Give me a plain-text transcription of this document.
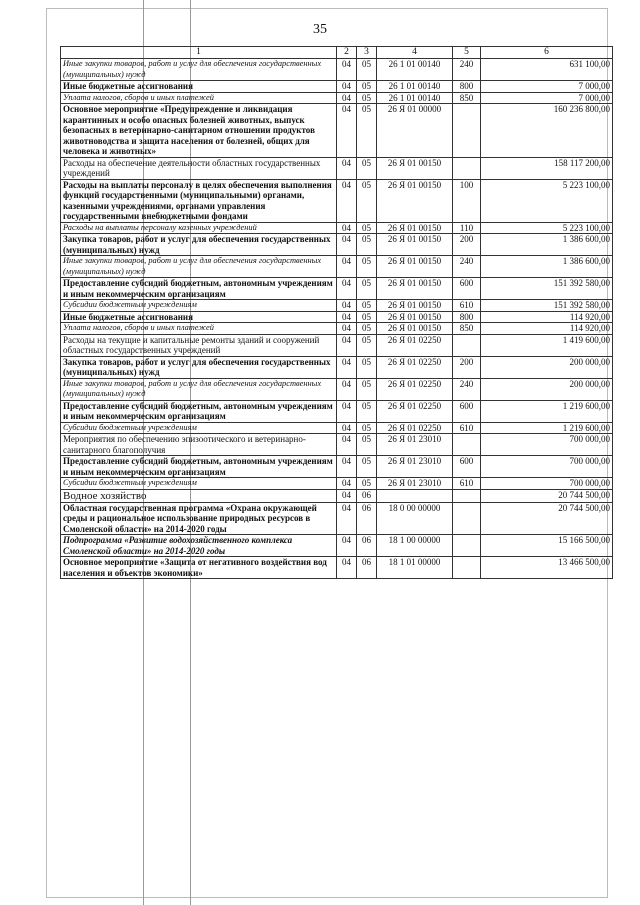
35
1	2	3	4	5	6
Иные закупки товаров, работ и услуг для обеспечения государственных (муниципальных) нужд	04	05	26 1 01 00140	240	631 100,00
Иные бюджетные ассигнования	04	05	26 1 01 00140	800	7 000,00
Уплата налогов, сборов и иных платежей	04	05	26 1 01 00140	850	7 000,00
Основное мероприятие «Предупреждение и ликвидация карантинных и особо опасных болезней животных, выпуск безопасных в ветеринарно-санитарном отношении продуктов животноводства и защита населения от болезней, общих для человека и животных»	04	05	26 Я 01 00000		160 236 800,00
Расходы на обеспечение деятельности областных государственных учреждений	04	05	26 Я 01 00150		158 117 200,00
Расходы на выплаты персоналу в целях обеспечения выполнения функций государственными (муниципальными) органами, казенными учреждениями, органами управления государственными внебюджетными фондами	04	05	26 Я 01 00150	100	5 223 100,00
Расходы на выплаты персоналу казенных учреждений	04	05	26 Я 01 00150	110	5 223 100,00
Закупка товаров, работ и услуг для обеспечения государственных (муниципальных) нужд	04	05	26 Я 01 00150	200	1 386 600,00
Иные закупки товаров, работ и услуг для обеспечения государственных (муниципальных) нужд	04	05	26 Я 01 00150	240	1 386 600,00
Предоставление субсидий бюджетным, автономным учреждениям и иным некоммерческим организациям	04	05	26 Я 01 00150	600	151 392 580,00
Субсидии бюджетным учреждениям	04	05	26 Я 01 00150	610	151 392 580,00
Иные бюджетные ассигнования	04	05	26 Я 01 00150	800	114 920,00
Уплата налогов, сборов и иных платежей	04	05	26 Я 01 00150	850	114 920,00
Расходы на текущие и капитальные ремонты зданий и сооружений областных государственных учреждений	04	05	26 Я 01 02250		1 419 600,00
Закупка товаров, работ и услуг для обеспечения государственных (муниципальных) нужд	04	05	26 Я 01 02250	200	200 000,00
Иные закупки товаров, работ и услуг для обеспечения государственных (муниципальных) нужд	04	05	26 Я 01 02250	240	200 000,00
Предоставление субсидий бюджетным, автономным учреждениям и иным некоммерческим организациям	04	05	26 Я 01 02250	600	1 219 600,00
Субсидии бюджетным учреждениям	04	05	26 Я 01 02250	610	1 219 600,00
Мероприятия по обеспечению эпизоотического и ветеринарно-санитарного благополучия	04	05	26 Я 01 23010		700 000,00
Предоставление субсидий бюджетным, автономным учреждениям и иным некоммерческим организациям	04	05	26 Я 01 23010	600	700 000,00
Субсидии бюджетным учреждениям	04	05	26 Я 01 23010	610	700 000,00
Водное хозяйство	04	06			20 744 500,00
Областная государственная программа «Охрана окружающей среды и рациональное использование природных ресурсов в Смоленской области» на 2014-2020 годы	04	06	18 0 00 00000		20 744 500,00
Подпрограмма «Развитие водохозяйственного комплекса Смоленской области» на 2014-2020 годы	04	06	18 1 00 00000		15 166 500,00
Основное мероприятие «Защита от негативного воздействия вод населения и объектов экономики»	04	06	18 1 01 00000		13 466 500,00
